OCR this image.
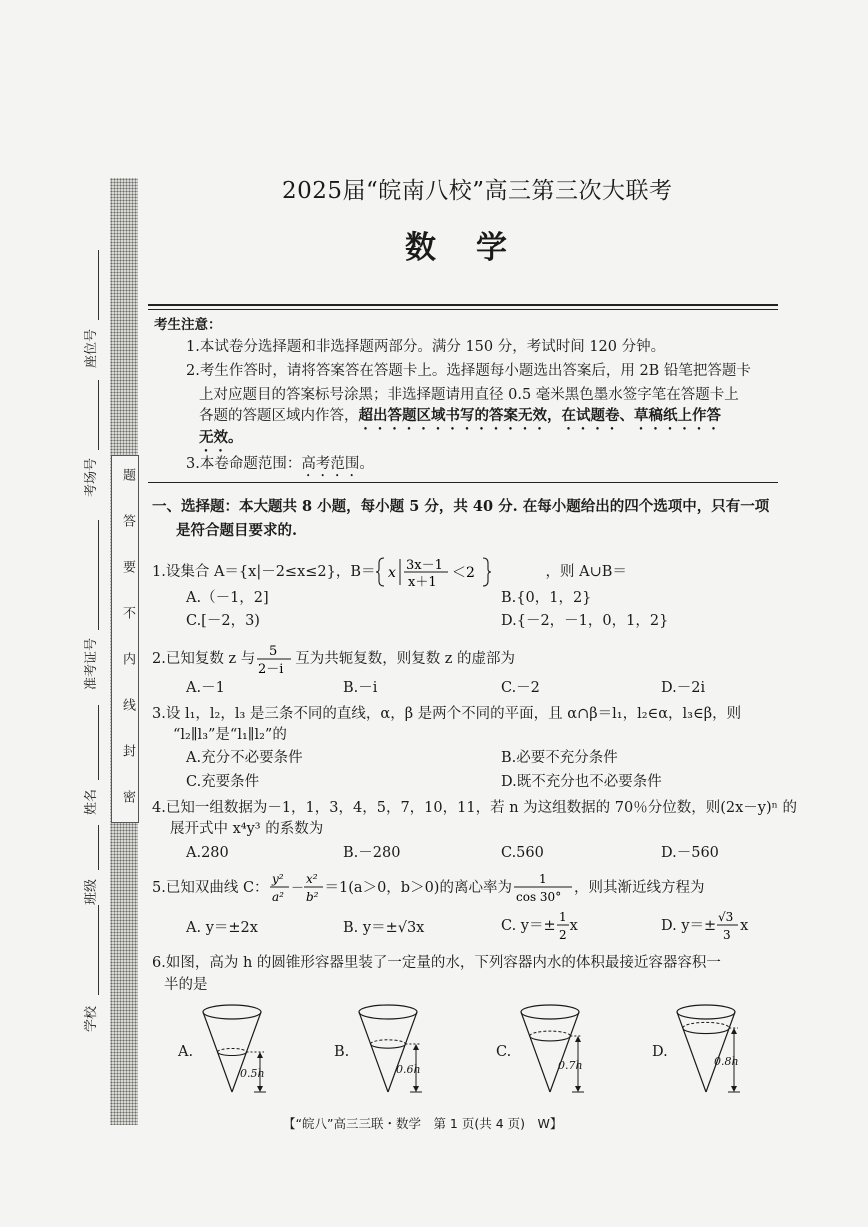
题
答
要
不
内
线
封
密
座位号
考场号
准考证号
姓名
班级
学校
2025届“皖南八校”高三第三次大联考
数学
考生注意：
1.本试卷分选择题和非选择题两部分。满分 150 分，考试时间 120 分钟。
2.考生作答时，请将答案答在答题卡上。选择题每小题选出答案后，用 2B 铅笔把答题卡
上对应题目的答案标号涂黑；非选择题请用直径 0.5 毫米黑色墨水签字笔在答题卡上
各题的答题区域内作答，超出答题区域书写的答案无效，在试题卷、草稿纸上作答
无效。
3.本卷命题范围：高考范围。
一、选择题：本大题共 8 小题，每小题 5 分，共 40 分. 在每小题给出的四个选项中，只有一项
是符合题目要求的.
1.设集合 A＝{x|－2≤x≤2}，B＝ x 3x－1
x＋1
＜2	，则 A∪B＝
A.（－1，2]	B.{0，1，2}
C.[－2，3)	D.{－2，－1，0，1，2}
2.已知复数 z 与 5
2－i
互为共轭复数，则复数 z 的虚部为
A.－1	B.－i	C.－2	D.－2i
3.设 l₁，l₂，l₃ 是三条不同的直线，α，β 是两个不同的平面，且 α∩β＝l₁，l₂∈α，l₃∈β，则
“l₂∥l₃”是“l₁∥l₂”的
A.充分不必要条件	B.必要不充分条件
C.充要条件	D.既不充分也不必要条件
4.已知一组数据为－1，1，3，4，5，7，10，11，若 n 为这组数据的 70％分位数，则(2x－y)ⁿ 的
展开式中 x⁴y³ 的系数为
A.280	B.－280	C.560	D.－560
5.已知双曲线 C：
y²
a²
－
x²
b²
＝1(a＞0，b＞0)的离心率为
1
cos 30°
，则其渐近线方程为
A. y＝±2x	B. y＝±√3x	C. y＝±
1
2
x	D. y＝±
√3
3
x
6.如图，高为 h 的圆锥形容器里装了一定量的水，下列容器内水的体积最接近容器容积一
半的是
A.
0.5h
B.
0.6h
C.
0.7h
D.
0.8h
【“皖八”高三三联・数学　第 1 页(共 4 页)　W】
